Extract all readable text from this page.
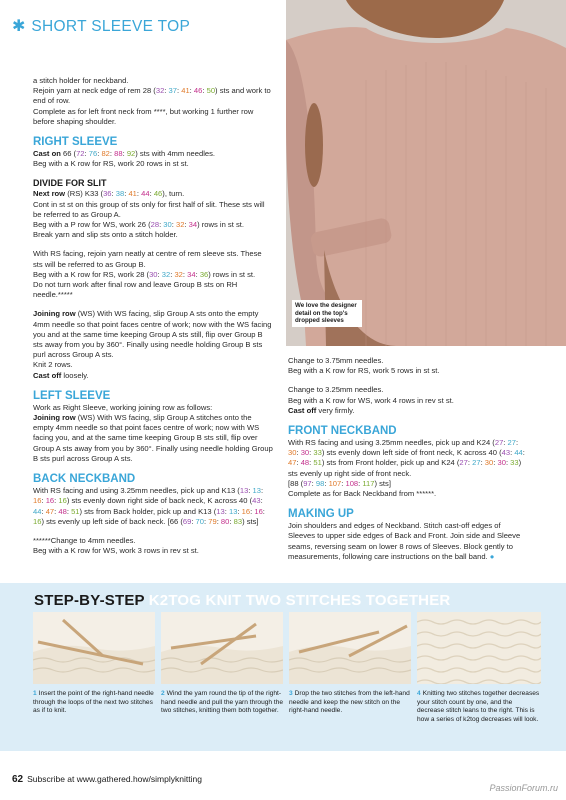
✱ SHORT SLEEVE TOP

a stitch holder for neckband.

Rejoin yarn at neck edge of rem 28 (32: 37: 41: 46: 50) sts and work to end of row.

Complete as for left front neck from ****, but working 1 further row before shaping shoulder.

RIGHT SLEEVE

Cast on 66 (72: 76: 82: 88: 92) sts with 4mm needles.

Beg with a K row for RS, work 20 rows in st st.

DIVIDE FOR SLIT

Next row (RS) K33 (36: 38: 41: 44: 46), turn.

Cont in st st on this group of sts only for first half of slit. These sts will be referred to as Group A.

Beg with a P row for WS, work 26 (28: 30: 32: 34) rows in st st.

Break yarn and slip sts onto a stitch holder.

With RS facing, rejoin yarn neatly at centre of rem sleeve sts. These sts will be referred to as Group B.

Beg with a K row for RS, work 28 (30: 32: 32: 34: 36) rows in st st.

Do not turn work after final row and leave Group B sts on RH needle.*****

Joining row (WS) With WS facing, slip Group A sts onto the empty 4mm needle so that point faces centre of work; now with the WS facing you and at the same time keeping Group A sts still, flip over Group B sts away from you by 360°. Finally using needle holding Group B sts purl across Group A sts.

Knit 2 rows.

Cast off loosely.

LEFT SLEEVE

Work as Right Sleeve, working joining row as follows:

Joining row (WS) With WS facing, slip Group A stitches onto the empty 4mm needle so that point faces centre of work; now with WS facing you, and at the same time keeping Group B sts still, flip over Group A sts away from you by 360°. Finally using needle holding Group B sts purl across Group A sts.

BACK NECKBAND

With RS facing and using 3.25mm needles, pick up and K13 (13: 13: 16: 16: 16) sts evenly down right side of back neck, K across 40 (43: 44: 47: 48: 51) sts from Back holder, pick up and K13 (13: 13: 16: 16: 16) sts evenly up left side of back neck. [66 (69: 70: 79: 80: 83) sts]

******Change to 4mm needles.

Beg with a K row for WS, work 3 rows in rev st st.

We love the designer detail on the top's dropped sleeves

Change to 3.75mm needles.

Beg with a K row for RS, work 5 rows in st st.

Change to 3.25mm needles.

Beg with a K row for WS, work 4 rows in rev st st.

Cast off very firmly.

FRONT NECKBAND

With RS facing and using 3.25mm needles, pick up and K24 (27: 27: 30: 30: 33) sts evenly down left side of front neck, K across 40 (43: 44: 47: 48: 51) sts from Front holder, pick up and K24 (27: 27: 30: 30: 33) sts evenly up right side of front neck.

[88 (97: 98: 107: 108: 117) sts]

Complete as for Back Neckband from ******.

MAKING UP

Join shoulders and edges of Neckband. Stitch cast-off edges of Sleeves to upper side edges of Back and Front. Join side and Sleeve seams, reversing seam on lower 8 rows of Sleeves. Block gently to measurements, following care instructions on the ball band. ●

STEP-BY-STEP K2TOG KNIT TWO STITCHES TOGETHER
1 Insert the point of the right-hand needle through the loops of the next two stitches as if to knit.
2 Wind the yarn round the tip of the right-hand needle and pull the yarn through the two stitches, knitting them both together.
3 Drop the two stitches from the left-hand needle and keep the new stitch on the right-hand needle.
4 Knitting two stitches together decreases your stitch count by one, and the decrease stitch leans to the right. This is how a series of k2tog decreases will look.
62 Subscribe at www.gathered.how/simplyknitting
PassionForum.ru
